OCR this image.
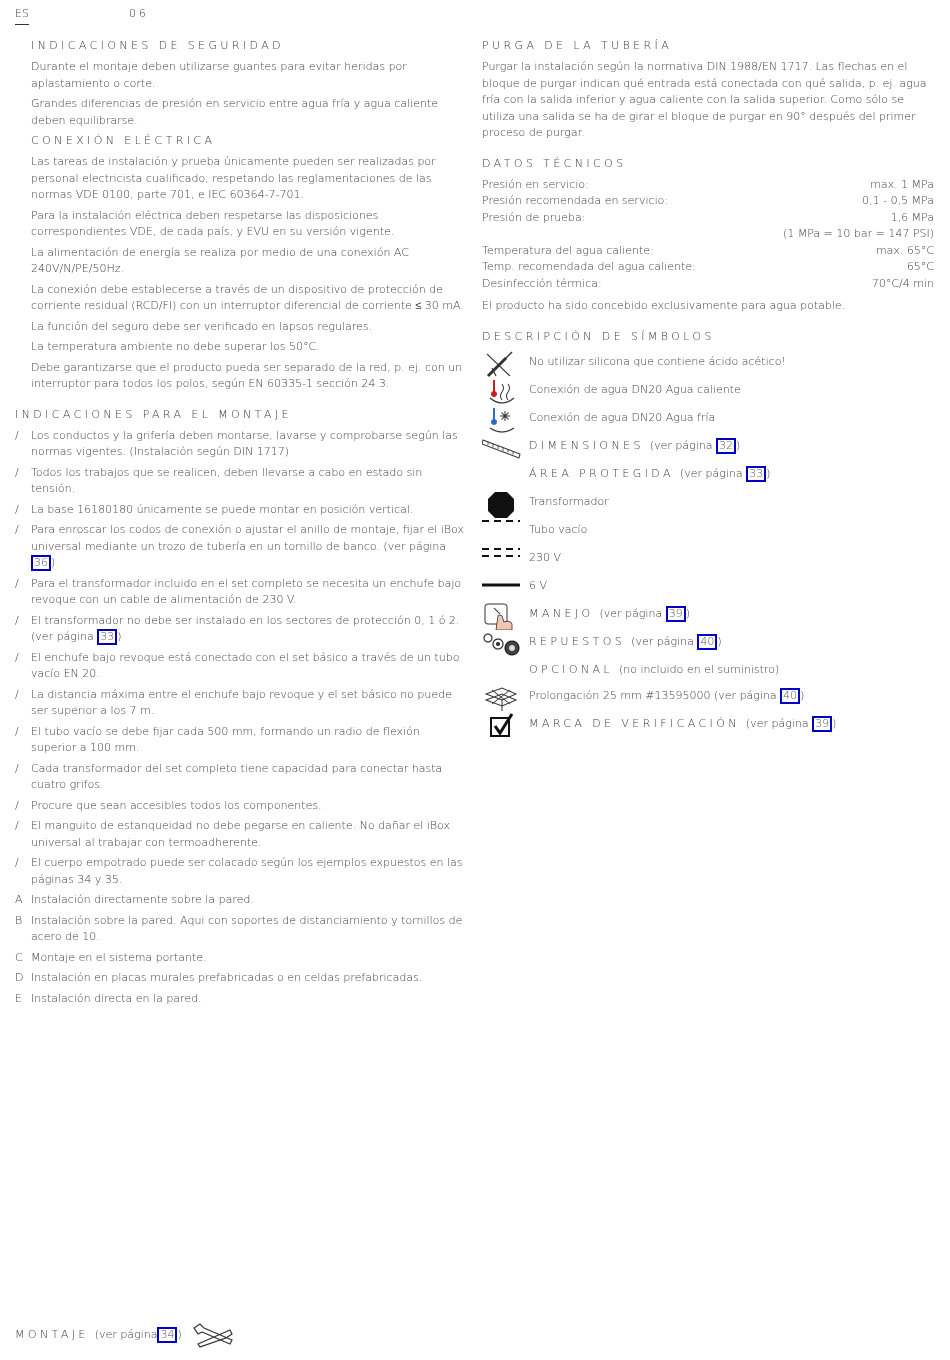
ES	06
INDICACIONES DE SEGURIDAD

Durante el montaje deben utilizarse guantes para evitar heridas por aplastamiento o corte.

Grandes diferencias de presión en servicio entre agua fría y agua caliente deben equilibrarse.

CONEXIÓN ELÉCTRICA

Las tareas de instalación y prueba únicamente pueden ser realizadas por personal electricista cualificado, respetando las reglamentaciones de las normas VDE 0100, parte 701, e IEC 60364-7-701.

Para la instalación eléctrica deben respetarse las disposiciones correspondientes VDE, de cada país, y EVU en su versión vigente.

La alimentación de energía se realiza por medio de una conexión AC 240V/N/PE/50Hz.

La conexión debe establecerse a través de un dispositivo de protección de corriente residual (RCD/FI) con un interruptor diferencial de corriente ≤ 30 mA.

La función del seguro debe ser verificado en lapsos regulares.

La temperatura ambiente no debe superar los 50°C.

Debe garantizarse que el producto pueda ser separado de la red, p. ej. con un interruptor para todos los polos, según EN 60335-1 sección 24.3.

INDICACIONES PARA EL MONTAJE
/ Los conductos y la grifería deben montarse, lavarse y comprobarse según las normas vigentes. (Instalación según DIN 1717)
/ Todos los trabajos que se realicen, deben llevarse a cabo en estado sin tensión.
/ La base 16180180 únicamente se puede montar en posición vertical.
/ Para enroscar los codos de conexión o ajustar el anillo de montaje, fijar el iBox universal mediante un trozo de tubería en un tornillo de banco. (ver página 36 )
/ Para el transformador incluido en el set completo se necesita un enchufe bajo revoque con un cable de alimentación de 230 V.
/ El transformador no debe ser instalado en los sectores de protección 0, 1 ó 2. (ver página 33 )
/ El enchufe bajo revoque está conectado con el set básico a través de un tubo vacío EN 20.
/ La distancia máxima entre el enchufe bajo revoque y el set básico no puede ser superior a los 7 m.
/ El tubo vacío se debe fijar cada 500 mm, formando un radio de flexión superior a 100 mm.
/ Cada transformador del set completo tiene capacidad para conectar hasta cuatro grifos.
/ Procure que sean accesibles todos los componentes.
/ El manguito de estanqueidad no debe pegarse en caliente. No dañar el iBox universal al trabajar con termoadherente.
/ El cuerpo empotrado puede ser colacado según los ejemplos expuestos en las páginas 34 y 35.
A Instalación directamente sobre la pared.
B Instalación sobre la pared. Aqui con soportes de distanciamiento y tornillos de acero de 10.
C Montaje en el sistema portante.
D Instalación en placas murales prefabricadas o en celdas prefabricadas.
E Instalación directa en la pared.
PURGA DE LA TUBERÍA

Purgar la instalación según la normativa DIN 1988/EN 1717. Las flechas en el bloque de purgar indican qué entrada está conectada con qué salida, p. ej. agua fría con la salida inferior y agua caliente con la salida superior. Como sólo se utiliza una salida se ha de girar el bloque de purgar en 90° después del primer proceso de purgar.

DATOS TÉCNICOS
Presión en servicio:	max. 1 MPa
Presión recomendada en servicio:	0,1 - 0,5 MPa
Presión de prueba:	1,6 MPa
(1 MPa = 10 bar = 147 PSI)
Temperatura del agua caliente:	max. 65°C
Temp. recomendada del agua caliente:	65°C
Desinfección térmica:	70°C/4 min

El producto ha sido concebido exclusivamente para agua potable.

DESCRIPCIÓN DE SÍMBOLOS
No utilizar silicona que contiene ácido acético!
Conexión de agua DN20 Agua caliente
Conexión de agua DN20 Agua fría
DIMENSIONES (ver página 32 )
ÁREA PROTEGIDA (ver página 33 )
Transformador
Tubo vacío
230 V
6 V
MANEJO (ver página 39 )
REPUESTOS (ver página 40 )
OPCIONAL (no incluido en el suministro)
Prolongación 25 mm #13595000 (ver página 40 )
MARCA DE VERIFICACIÓN (ver página 39 )
MONTAJE (ver página 34 )
